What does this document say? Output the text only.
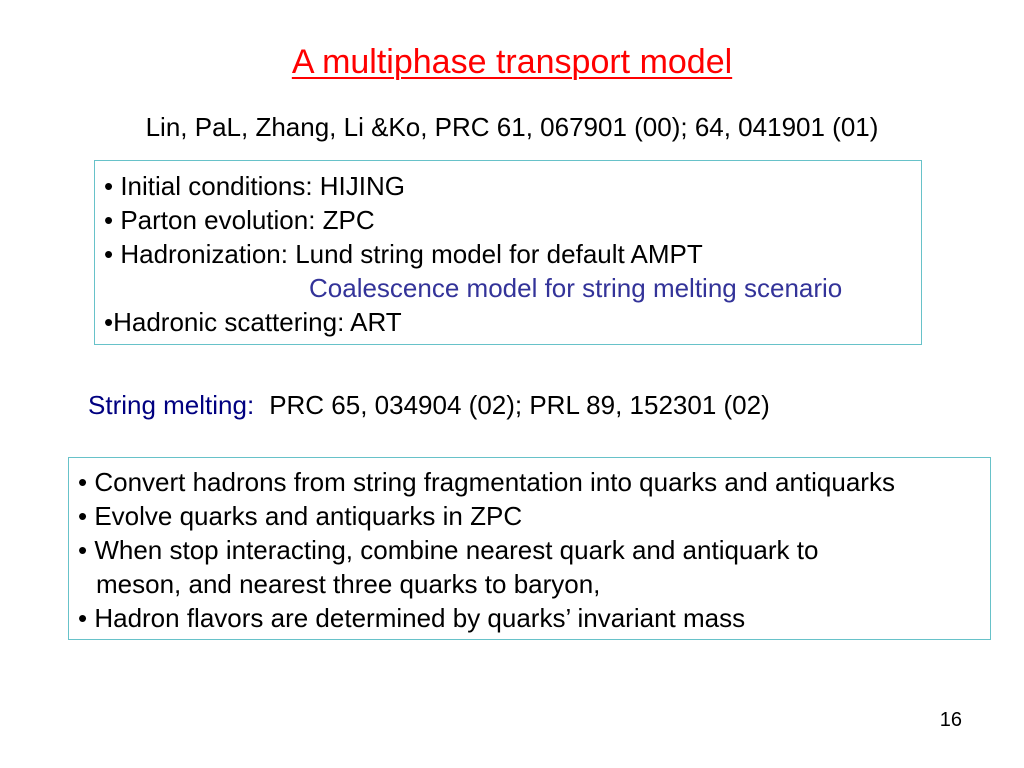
A multiphase transport model
Lin, PaL, Zhang, Li &Ko, PRC 61, 067901 (00); 64, 041901 (01)
• Initial conditions: HIJING
• Parton evolution: ZPC
• Hadronization: Lund string model for default AMPT
Coalescence model for string melting scenario
•Hadronic scattering: ART
String melting: PRC 65, 034904 (02); PRL 89, 152301 (02)
• Convert hadrons from string fragmentation into quarks and antiquarks
• Evolve quarks and antiquarks in ZPC
• When stop interacting, combine nearest quark and antiquark to
meson, and nearest three quarks to baryon,
• Hadron flavors are determined by quarks’ invariant mass
16
